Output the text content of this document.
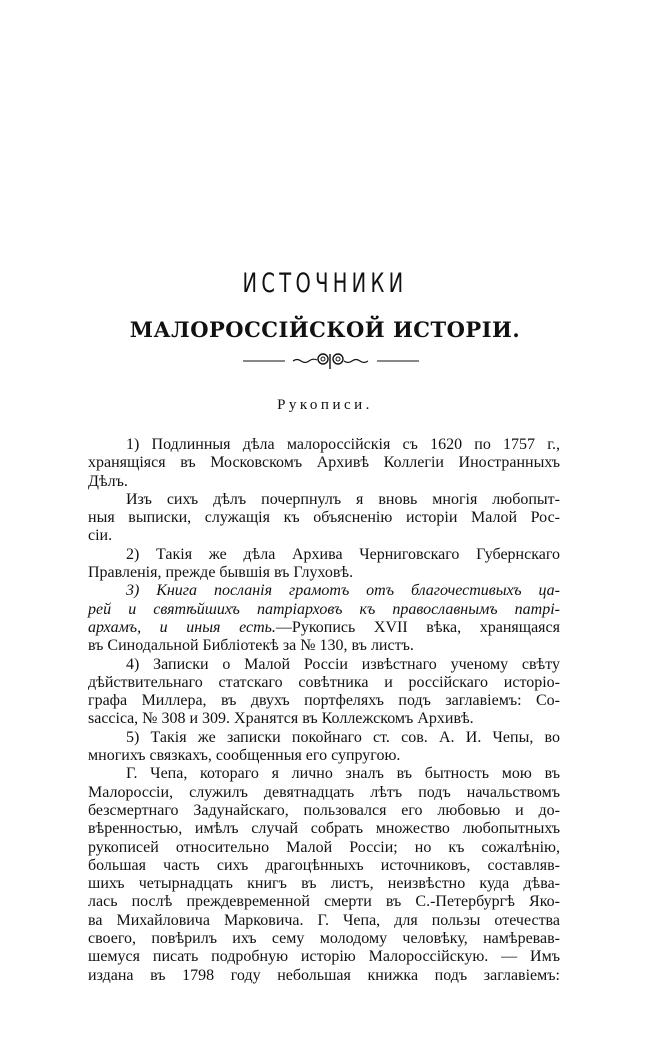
ИСТОЧНИКИ
МАЛОРОССІЙСКОЙ ИСТОРІИ.
Рукописи.
1) Подлинныя дѣла малороссійскія съ 1620 по 1757 г.,
хранящіяся въ Московскомъ Архивѣ Коллегіи Иностранныхъ
Дѣлъ.
Изъ сихъ дѣлъ почерпнулъ я вновь многія любопыт-
ныя выписки, служащія къ объясненію исторіи Малой Рос-
сіи.
2) Такія же дѣла Архива Черниговскаго Губернскаго
Правленія, прежде бывшія въ Глуховѣ.
3) Книга посланія грамотъ отъ благочестивыхъ ца-
рей и святѣйшихъ патріарховъ къ православнымъ патрі-
архамъ, и иныя есть.—Рукопись XVII вѣка, хранящаяся
въ Синодальной Библіотекѣ за № 130, въ листъ.
4) Записки о Малой Россіи извѣстнаго ученому свѣту
дѣйствительнаго статскаго совѣтника и россійскаго исторіо-
графа Миллера, въ двухъ портфеляхъ подъ заглавіемъ: Со-
saccica, № 308 и 309. Хранятся въ Коллежскомъ Архивѣ.
5) Такія же записки покойнаго ст. сов. А. И. Чепы, во
многихъ связкахъ, сообщенныя его супругою.
Г. Чепа, котораго я лично зналъ въ бытность мою въ
Малороссіи, служилъ девятнадцать лѣтъ подъ начальствомъ
безсмертнаго Задунайскаго, пользовался его любовью и до-
вѣренностью, имѣлъ случай собрать множество любопытныхъ
рукописей относительно Малой Россіи; но къ сожалѣнію,
большая часть сихъ драгоцѣнныхъ источниковъ, составляв-
шихъ четырнадцать книгъ въ листъ, неизвѣстно куда дѣва-
лась послѣ преждевременной смерти въ С.-Петербургѣ Яко-
ва Михайловича Марковича. Г. Чепа, для пользы отечества
своего, повѣрилъ ихъ сему молодому человѣку, намѣревав-
шемуся писать подробную исторію Малороссійскую. — Имъ
издана въ 1798 году небольшая книжка подъ заглавіемъ:
